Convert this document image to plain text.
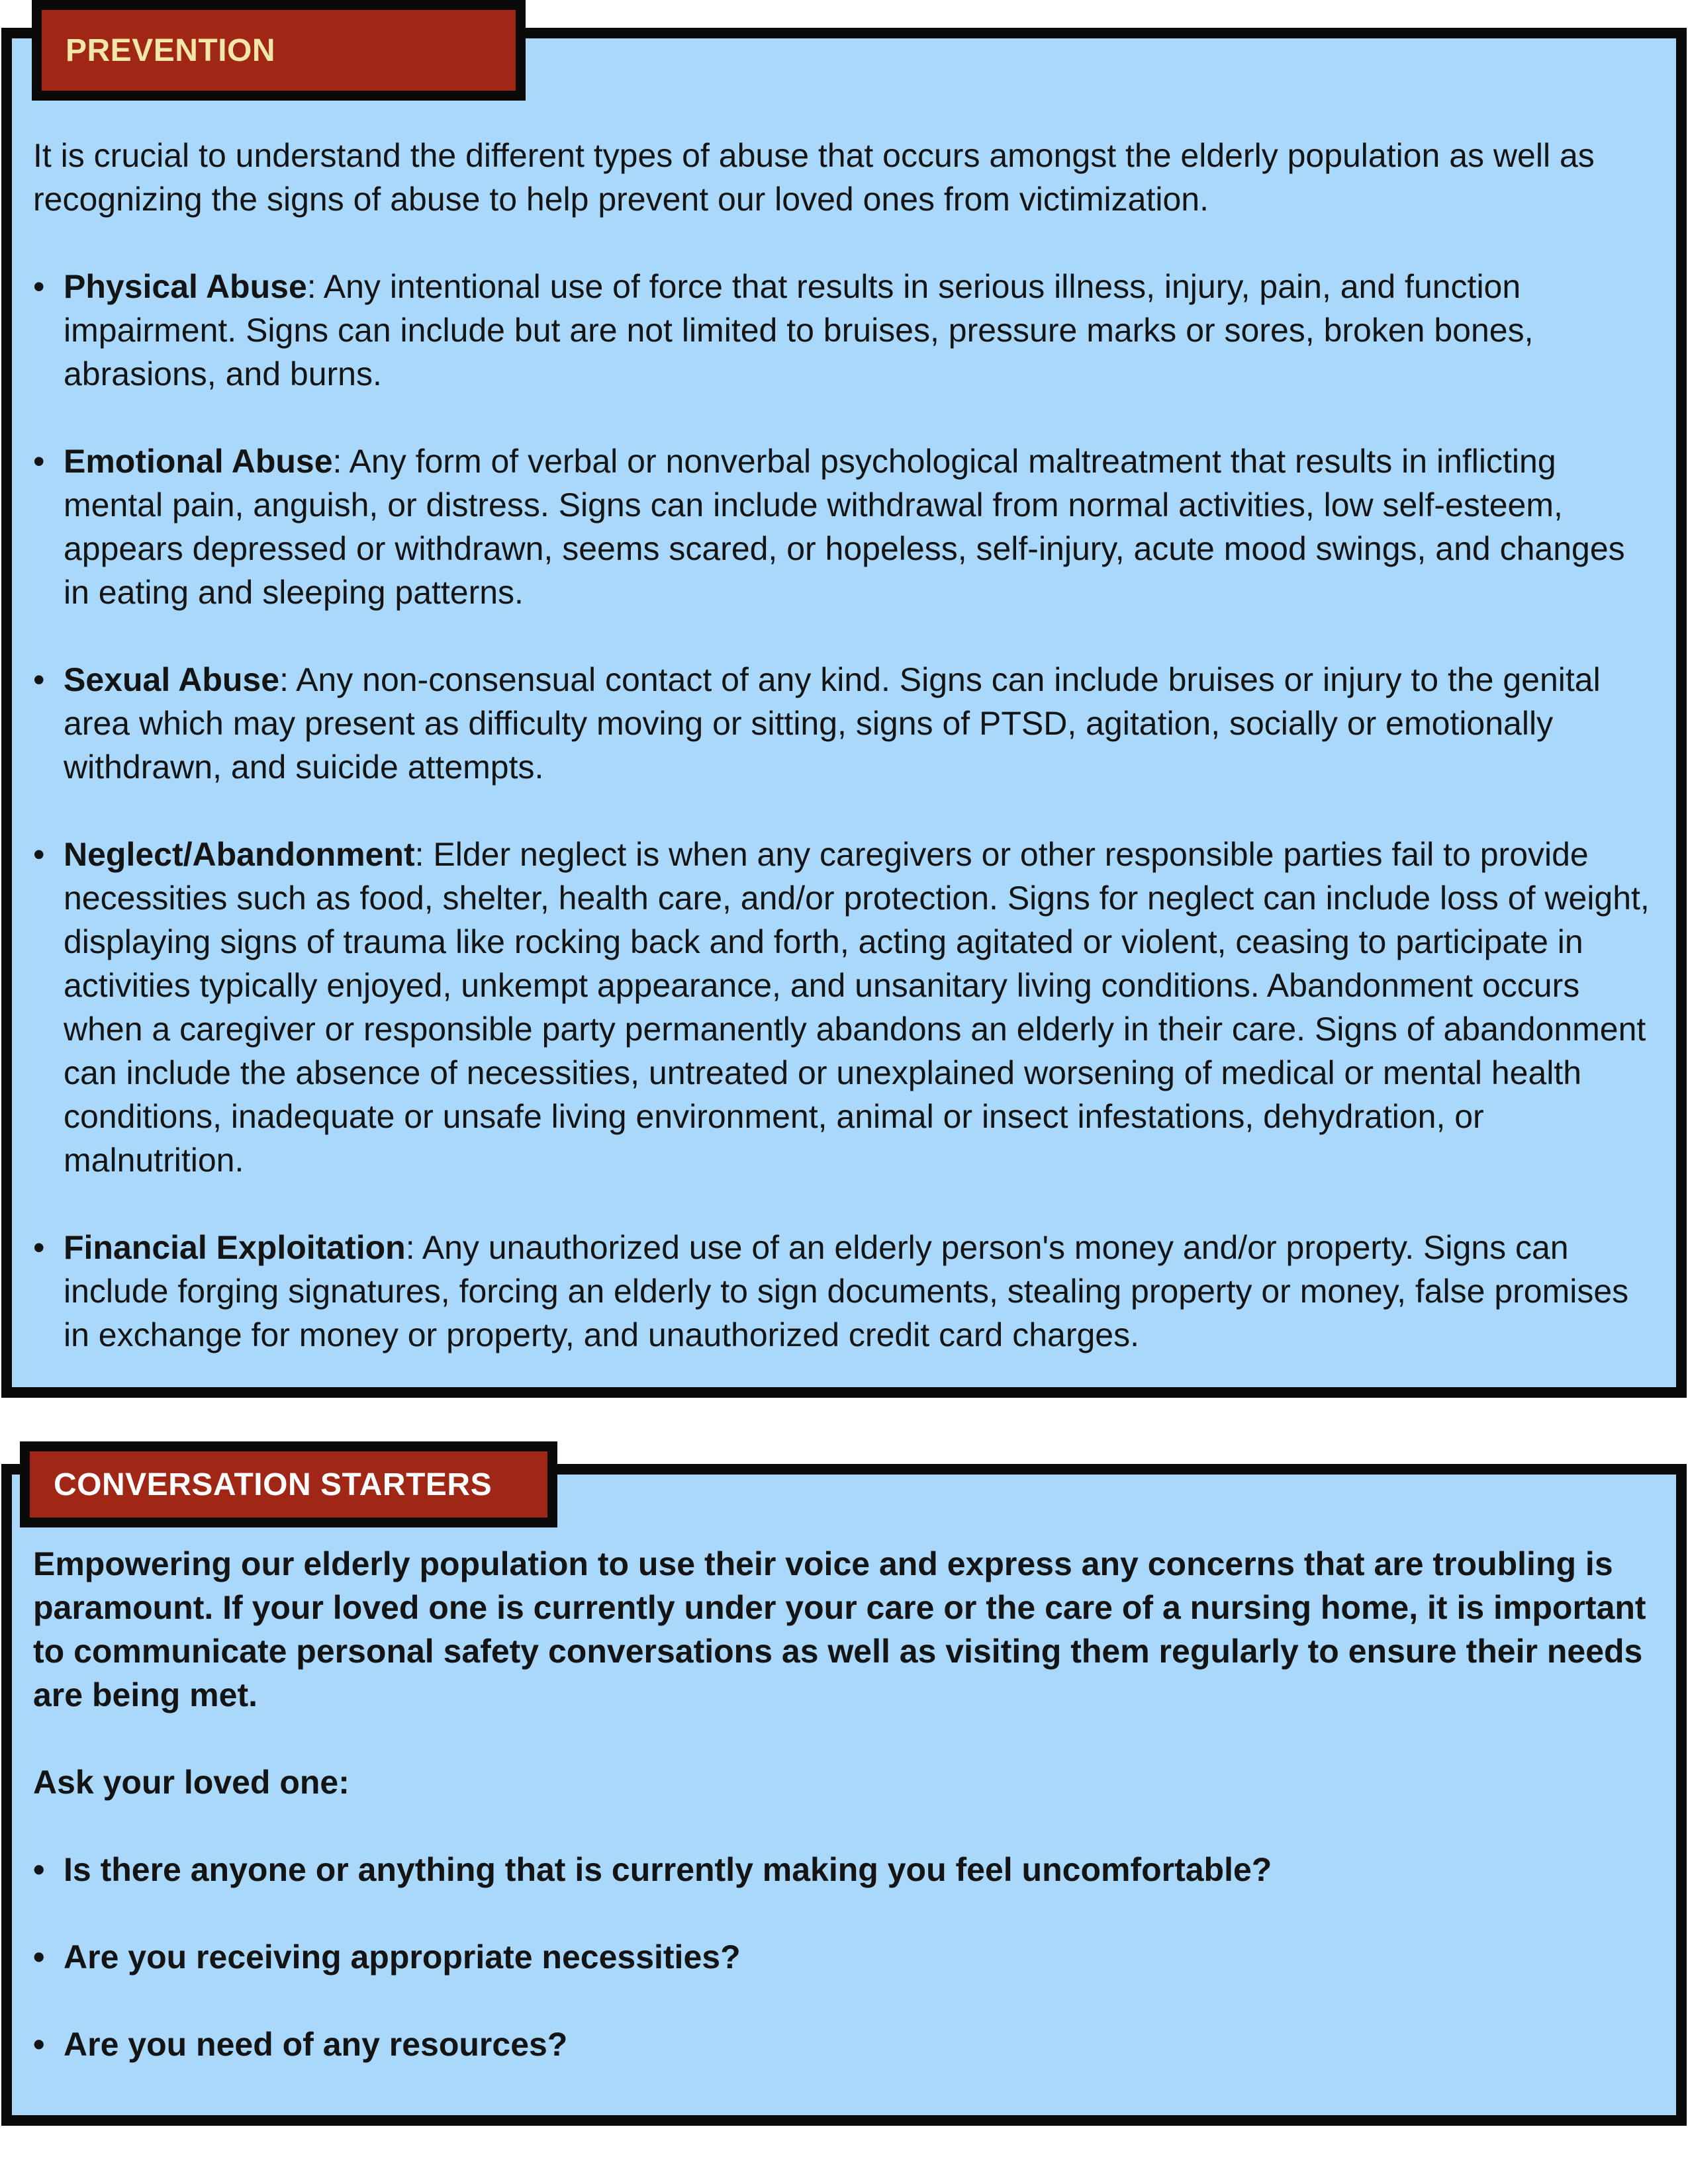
PREVENTION

It is crucial to understand the different types of abuse that occurs amongst the elderly population as well as recognizing the signs of abuse to help prevent our loved ones from victimization.

• Physical Abuse: Any intentional use of force that results in serious illness, injury, pain, and function impairment. Signs can include but are not limited to bruises, pressure marks or sores, broken bones, abrasions, and burns.
• Emotional Abuse: Any form of verbal or nonverbal psychological maltreatment that results in inflicting mental pain, anguish, or distress. Signs can include withdrawal from normal activities, low self-esteem, appears depressed or withdrawn, seems scared, or hopeless, self-injury, acute mood swings, and changes in eating and sleeping patterns.
• Sexual Abuse: Any non-consensual contact of any kind. Signs can include bruises or injury to the genital area which may present as difficulty moving or sitting, signs of PTSD, agitation, socially or emotionally withdrawn, and suicide attempts.
• Neglect/Abandonment: Elder neglect is when any caregivers or other responsible parties fail to provide necessities such as food, shelter, health care, and/or protection. Signs for neglect can include loss of weight, displaying signs of trauma like rocking back and forth, acting agitated or violent, ceasing to participate in activities typically enjoyed, unkempt appearance, and unsanitary living conditions. Abandonment occurs when a caregiver or responsible party permanently abandons an elderly in their care. Signs of abandonment can include the absence of necessities, untreated or unexplained worsening of medical or mental health conditions, inadequate or unsafe living environment, animal or insect infestations, dehydration, or malnutrition.
• Financial Exploitation: Any unauthorized use of an elderly person's money and/or property. Signs can include forging signatures, forcing an elderly to sign documents, stealing property or money, false promises in exchange for money or property, and unauthorized credit card charges.
CONVERSATION STARTERS

Empowering our elderly population to use their voice and express any concerns that are troubling is paramount. If your loved one is currently under your care or the care of a nursing home, it is important to communicate personal safety conversations as well as visiting them regularly to ensure their needs are being met.

Ask your loved one:

• Is there anyone or anything that is currently making you feel uncomfortable?
• Are you receiving appropriate necessities?
• Are you need of any resources?
